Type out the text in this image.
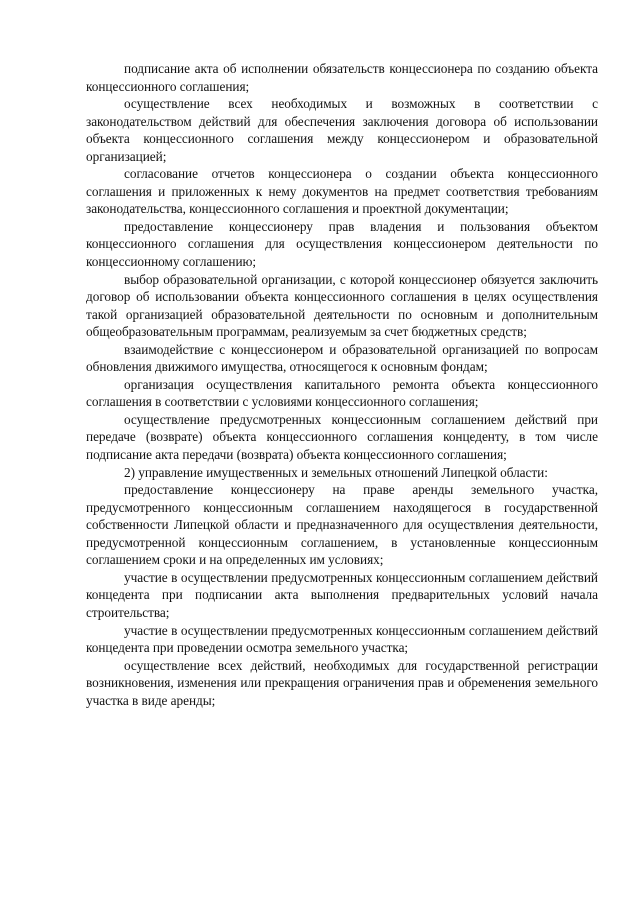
подписание акта об исполнении обязательств концессионера по созданию объекта концессионного соглашения;

осуществление всех необходимых и возможных в соответствии с законодательством действий для обеспечения заключения договора об использовании объекта концессионного соглашения между концессионером и образовательной организацией;

согласование отчетов концессионера о создании объекта концессионного соглашения и приложенных к нему документов на предмет соответствия требованиям законодательства, концессионного соглашения и проектной документации;

предоставление концессионеру прав владения и пользования объектом концессионного соглашения для осуществления концессионером деятельности по концессионному соглашению;

выбор образовательной организации, с которой концессионер обязуется заключить договор об использовании объекта концессионного соглашения в целях осуществления такой организацией образовательной деятельности по основным и дополнительным общеобразовательным программам, реализуемым за счет бюджетных средств;

взаимодействие с концессионером и образовательной организацией по вопросам обновления движимого имущества, относящегося к основным фондам;

организация осуществления капитального ремонта объекта концессионного соглашения в соответствии с условиями концессионного соглашения;

осуществление предусмотренных концессионным соглашением действий при передаче (возврате) объекта концессионного соглашения концеденту, в том числе подписание акта передачи (возврата) объекта концессионного соглашения;

2) управление имущественных и земельных отношений Липецкой области:

предоставление концессионеру на праве аренды земельного участка, предусмотренного концессионным соглашением находящегося в государственной собственности Липецкой области и предназначенного для осуществления деятельности, предусмотренной концессионным соглашением, в установленные концессионным соглашением сроки и на определенных им условиях;

участие в осуществлении предусмотренных концессионным соглашением действий концедента при подписании акта выполнения предварительных условий начала строительства;

участие в осуществлении предусмотренных концессионным соглашением действий концедента при проведении осмотра земельного участка;

осуществление всех действий, необходимых для государственной регистрации возникновения, изменения или прекращения ограничения прав и обременения земельного участка в виде аренды;
